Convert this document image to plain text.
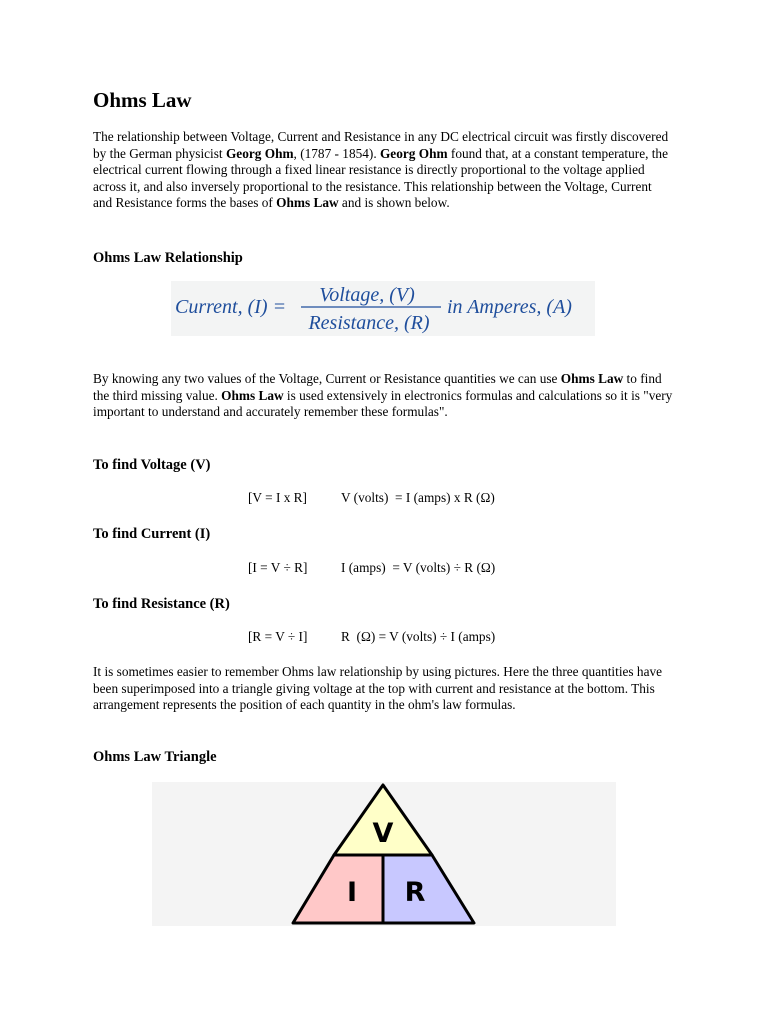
Ohms Law

The relationship between Voltage, Current and Resistance in any DC electrical circuit was firstly discovered by the German physicist Georg Ohm, (1787 - 1854). Georg Ohm found that, at a constant temperature, the electrical current flowing through a fixed linear resistance is directly proportional to the voltage applied across it, and also inversely proportional to the resistance. This relationship between the Voltage, Current and Resistance forms the bases of Ohms Law and is shown below.

Ohms Law Relationship
Current, (I) =
Voltage, (V)
Resistance, (R)
in Amperes, (A)

By knowing any two values of the Voltage, Current or Resistance quantities we can use Ohms Law to find the third missing value. Ohms Law is used extensively in electronics formulas and calculations so it is "very important to understand and accurately remember these formulas".

To find Voltage (V)

[V = I x R]	V (volts)  = I (amps) x R (Ω)

To find Current (I)

[I = V ÷ R]	I (amps)  = V (volts) ÷ R (Ω)

To find Resistance (R)

[R = V ÷ I]	R  (Ω) = V (volts) ÷ I (amps)

It is sometimes easier to remember Ohms law relationship by using pictures. Here the three quantities have been superimposed into a triangle giving voltage at the top with current and resistance at the bottom. This arrangement represents the position of each quantity in the ohm's law formulas.

Ohms Law Triangle
V
I R
